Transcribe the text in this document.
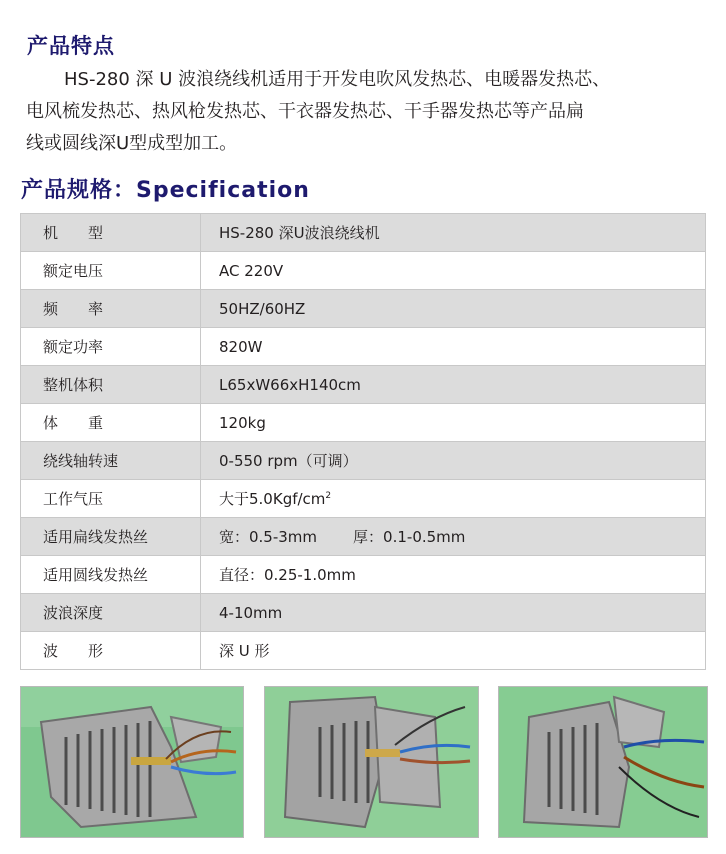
产品特点
HS-280 深 U 波浪绕线机适用于开发电吹风发热芯、电暖器发热芯、
电风梳发热芯、热风枪发热芯、干衣器发热芯、干手器发热芯等产品扁
线或圆线深U型成型加工。
产品规格：Specification
机　　型	HS-280 深U波浪绕线机
额定电压	AC 220V
频　　率	50HZ/60HZ
额定功率	820W
整机体积	L65xW66xH140cm
体　　重	120kg
绕线轴转速	0-550 rpm（可调）
工作气压	大于$5.0Kgf/cm^2$
适用扁线发热丝	宽：0.5-3mm 厚：0.1-0.5mm
适用圆线发热丝	直径：0.25-1.0mm
波浪深度	4-10mm
波　　形	深 U 形
